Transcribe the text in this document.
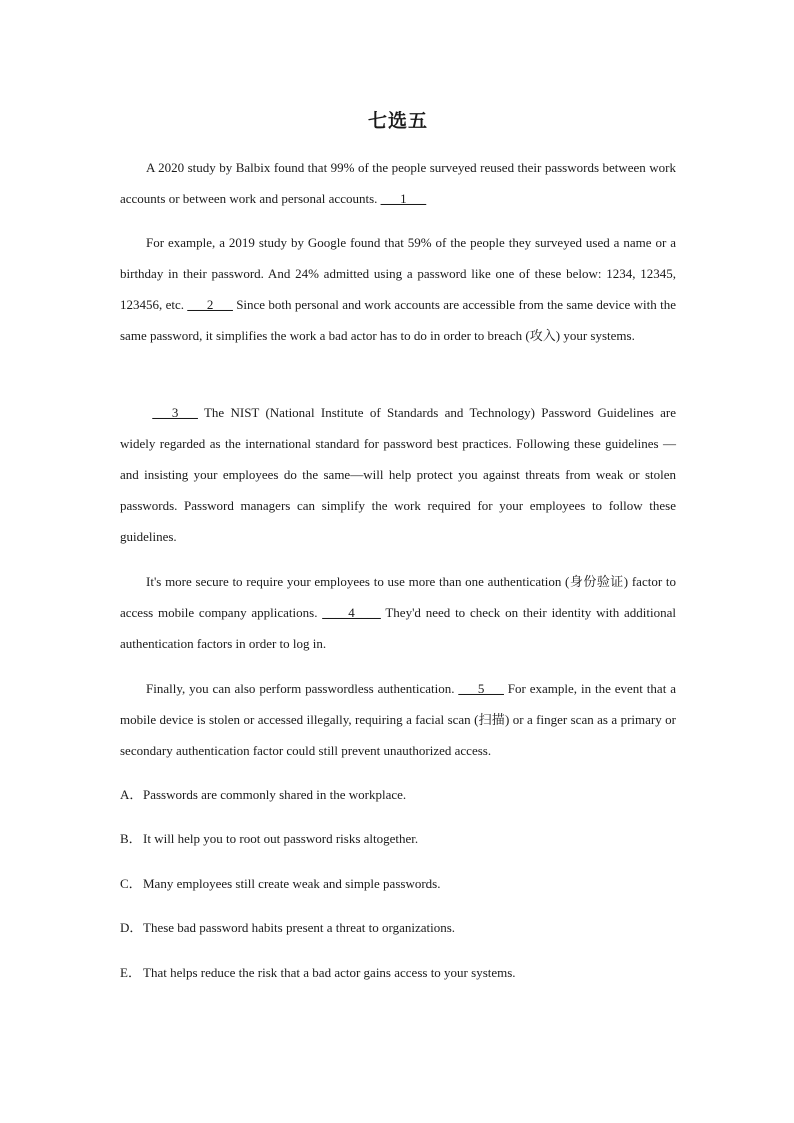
七选五

A 2020 study by Balbix found that 99% of the people surveyed reused their passwords between work accounts or between work and personal accounts. ___1___

For example, a 2019 study by Google found that 59% of the people they surveyed used a name or a birthday in their password. And 24% admitted using a password like one of these below: 1234, 12345, 123456, etc. ___2___ Since both personal and work accounts are accessible from the same device with the same password, it simplifies the work a bad actor has to do in order to breach (攻入) your systems.

___3___ The NIST (National Institute of Standards and Technology) Password Guidelines are widely regarded as the international standard for password best practices. Following these guidelines —and insisting your employees do the same—will help protect you against threats from weak or stolen passwords. Password managers can simplify the work required for your employees to follow these guidelines.

It's more secure to require your employees to use more than one authentication (身份验证) factor to access mobile company applications. ____4____ They'd need to check on their identity with additional authentication factors in order to log in.

Finally, you can also perform passwordless authentication. ___5___ For example, in the event that a mobile device is stolen or accessed illegally, requiring a facial scan (扫描) or a finger scan as a primary or secondary authentication factor could still prevent unauthorized access.

A．Passwords are commonly shared in the workplace.

B．It will help you to root out password risks altogether.

C．Many employees still create weak and simple passwords.

D．These bad password habits present a threat to organizations.

E． That helps reduce the risk that a bad actor gains access to your systems.
